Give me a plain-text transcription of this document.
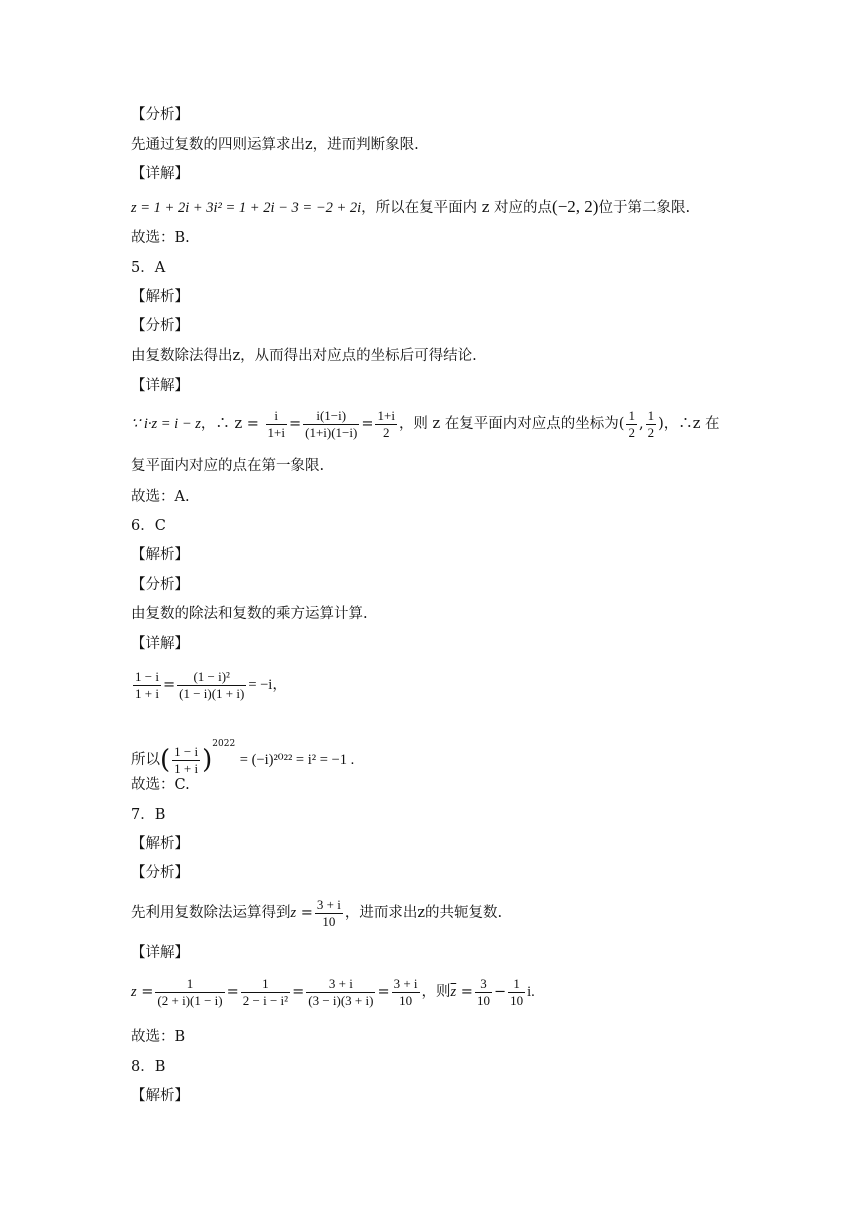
【分析】
先通过复数的四则运算求出z，进而判断象限.
【详解】
z = 1 + 2i + 3i² = 1 + 2i − 3 = −2 + 2i，所以在复平面内 z 对应的点(−2, 2)位于第二象限.
故选：B.
5．A
【解析】
【分析】
由复数除法得出z，从而得出对应点的坐标后可得结论.
【详解】
∵ i·z = i − z，∴ $z = \frac{i}{1+i} = \frac{i(1-i)}{(1+i)(1-i)} = \frac{1+i}{2}$ ，则 z 在复平面内对应点的坐标为( $\frac{1}{2}$ , $\frac{1}{2}$ )，∴z 在
复平面内对应的点在第一象限.
故选：A.
6．C
【解析】
【分析】
由复数的除法和复数的乘方运算计算.
【详解】
$\frac{1 - i}{1 + i} = \frac{\text{(1 − i)²}}{(1 - i)(1 + i)} = -i$，
所以( $\frac{1 - i}{1 + i} )^{2022} = (-i)^{2022} = i^2 = -1$ .
故选：C.
7．B
【解析】
【分析】
先利用复数除法运算得到$z = \frac{3 + i}{10}$ ，进而求出z的共轭复数.
【详解】
$z = \frac{1}{(2 + i)(1 - i)} = \frac{1}{\text{2 − i − i²}} = \frac{3 + i}{(3 - i)(3 + i)} = \frac{3 + i}{10}$ ，则$\overline{z} = \frac{3}{10} - \frac{1}{10} i$.
故选：B
8．B
【解析】
